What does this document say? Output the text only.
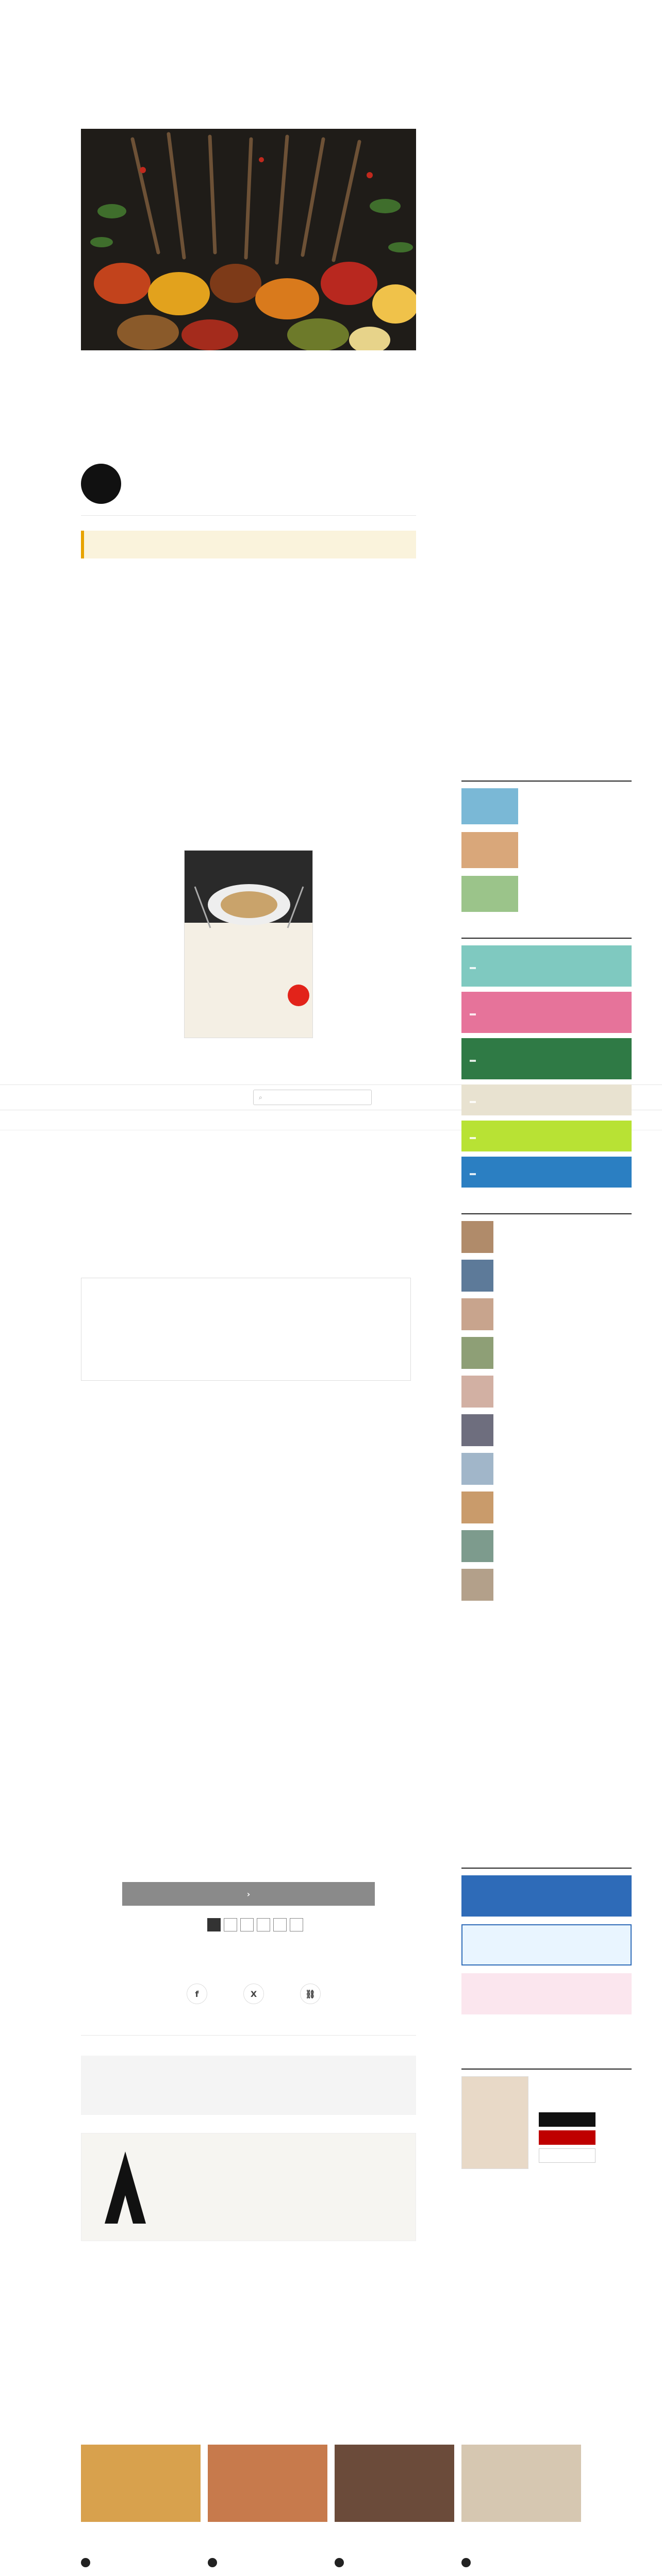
⌕

›
f	X	⛓
